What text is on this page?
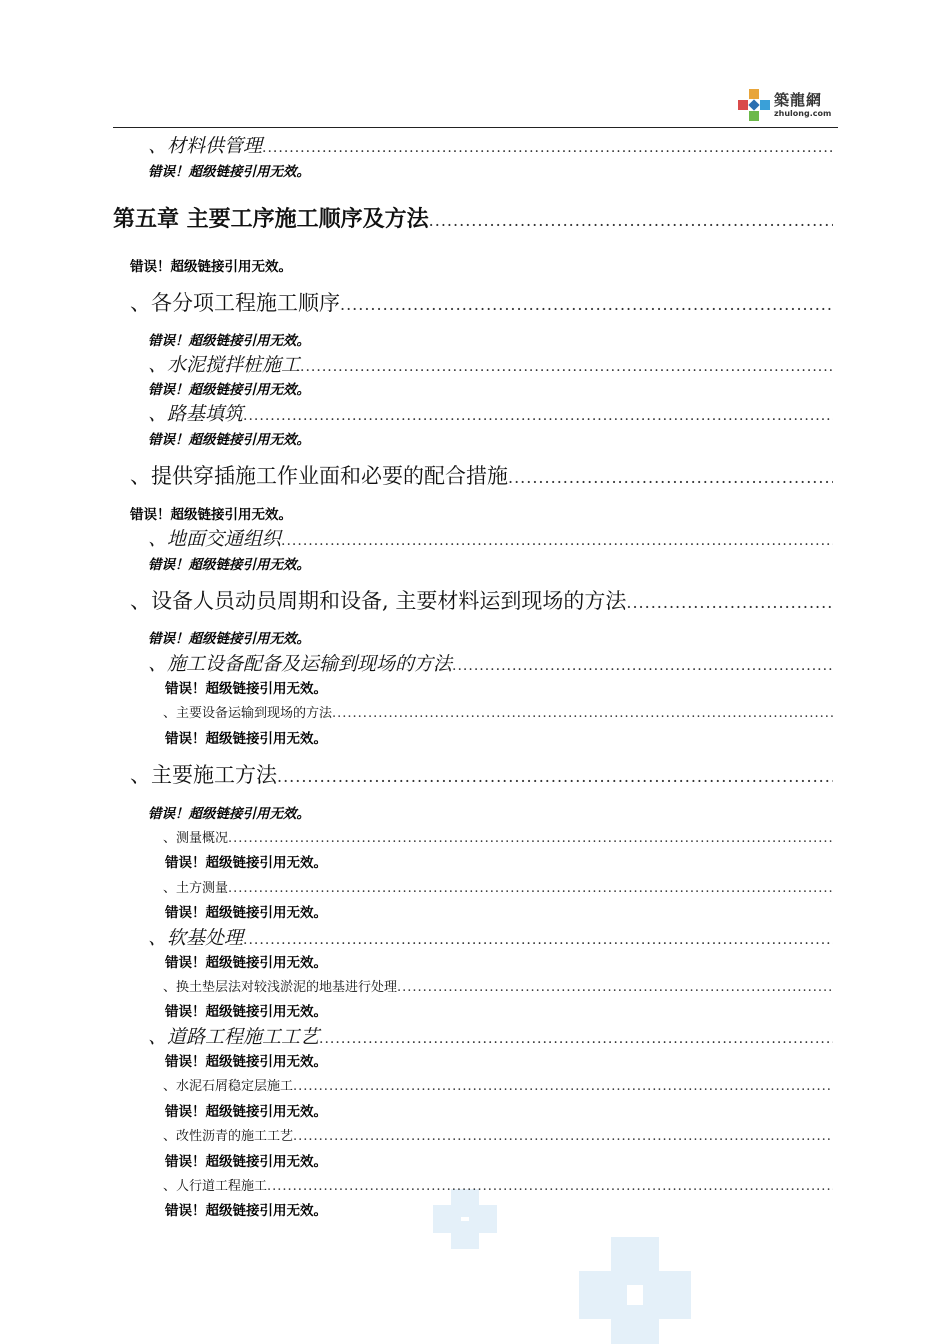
築龍網
zhulong.com
、材料供管理
.....
错误！超级链接引用无效。
第五章 主要工序施工顺序及方法
.....
错误！超级链接引用无效。
、各分项工程施工顺序
.....
错误！超级链接引用无效。
、水泥搅拌桩施工
.....
错误！超级链接引用无效。
、路基填筑
.....
错误！超级链接引用无效。
、提供穿插施工作业面和必要的配合措施
.....
错误！超级链接引用无效。
、地面交通组织
.....
错误！超级链接引用无效。
、设备人员动员周期和设备, 主要材料运到现场的方法
.....
错误！超级链接引用无效。
、施工设备配备及运输到现场的方法
.....
错误！超级链接引用无效。
、主要设备运输到现场的方法
.....
错误！超级链接引用无效。
、主要施工方法
.....
错误！超级链接引用无效。
、测量概况
.....
错误！超级链接引用无效。
、土方测量
.....
错误！超级链接引用无效。
、软基处理
.....
错误！超级链接引用无效。
、换土垫层法对较浅淤泥的地基进行处理
.....
错误！超级链接引用无效。
、道路工程施工工艺
.....
错误！超级链接引用无效。
、水泥石屑稳定层施工
.....
错误！超级链接引用无效。
、改性沥青的施工工艺
.....
错误！超级链接引用无效。
、人行道工程施工
.....
错误！超级链接引用无效。
